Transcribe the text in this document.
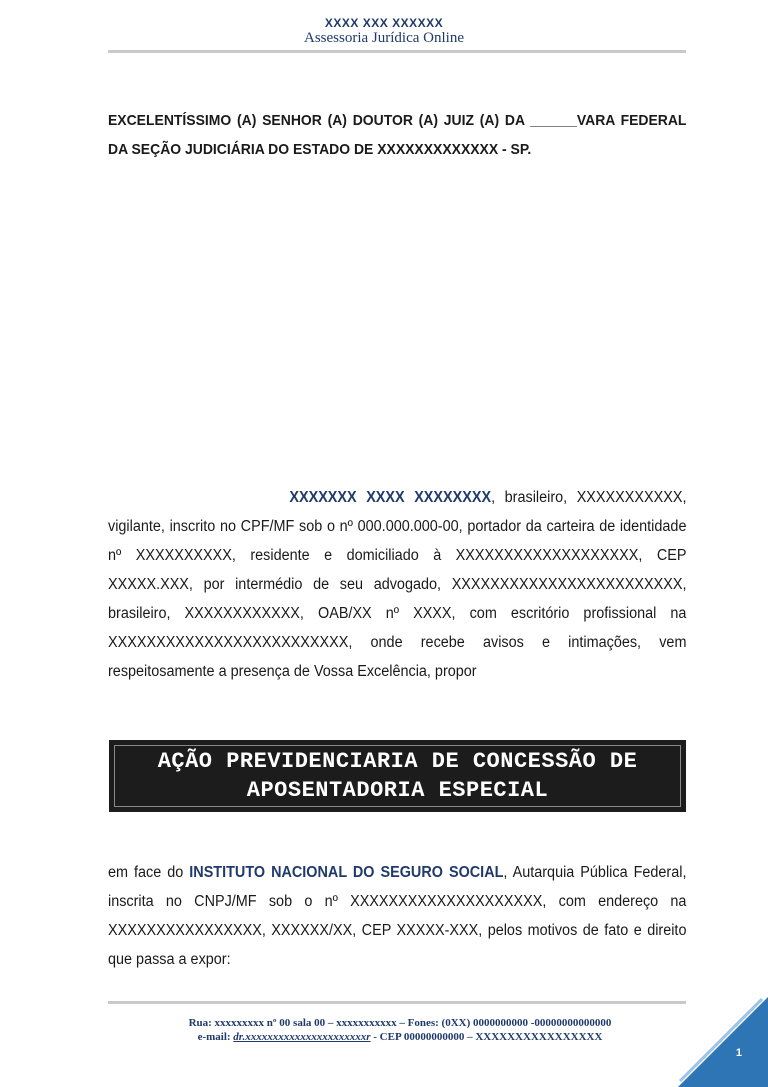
XXXX XXX XXXXXX
Assessoria Jurídica Online
EXCELENTÍSSIMO (A) SENHOR (A) DOUTOR (A) JUIZ (A) DA ______VARA FEDERAL DA SEÇÃO JUDICIÁRIA DO ESTADO DE XXXXXXXXXXXXX - SP.
XXXXXXX XXXX XXXXXXXX, brasileiro, XXXXXXXXXXX, vigilante, inscrito no CPF/MF sob o nº 000.000.000-00, portador da carteira de identidade nº XXXXXXXXXX, residente e domiciliado à XXXXXXXXXXXXXXXXXXX, CEP XXXXX.XXX, por intermédio de seu advogado, XXXXXXXXXXXXXXXXXXXXXXXX, brasileiro, XXXXXXXXXXXX, OAB/XX nº XXXX, com escritório profissional na XXXXXXXXXXXXXXXXXXXXXXXXX, onde recebe avisos e intimações, vem respeitosamente a presença de Vossa Excelência, propor
AÇÃO PREVIDENCIARIA DE CONCESSÃO DE
APOSENTADORIA ESPECIAL
em face do INSTITUTO NACIONAL DO SEGURO SOCIAL, Autarquia Pública Federal, inscrita no CNPJ/MF sob o nº XXXXXXXXXXXXXXXXXXXX, com endereço na XXXXXXXXXXXXXXXX, XXXXXX/XX, CEP XXXXX-XXX, pelos motivos de fato e direito que passa a expor:
Rua: xxxxxxxxx nº 00 sala 00 – xxxxxxxxxxx – Fones: (0XX) 0000000000 -00000000000000
e-mail: dr.xxxxxxxxxxxxxxxxxxxxxxr - CEP 00000000000 – XXXXXXXXXXXXXXXX
1
